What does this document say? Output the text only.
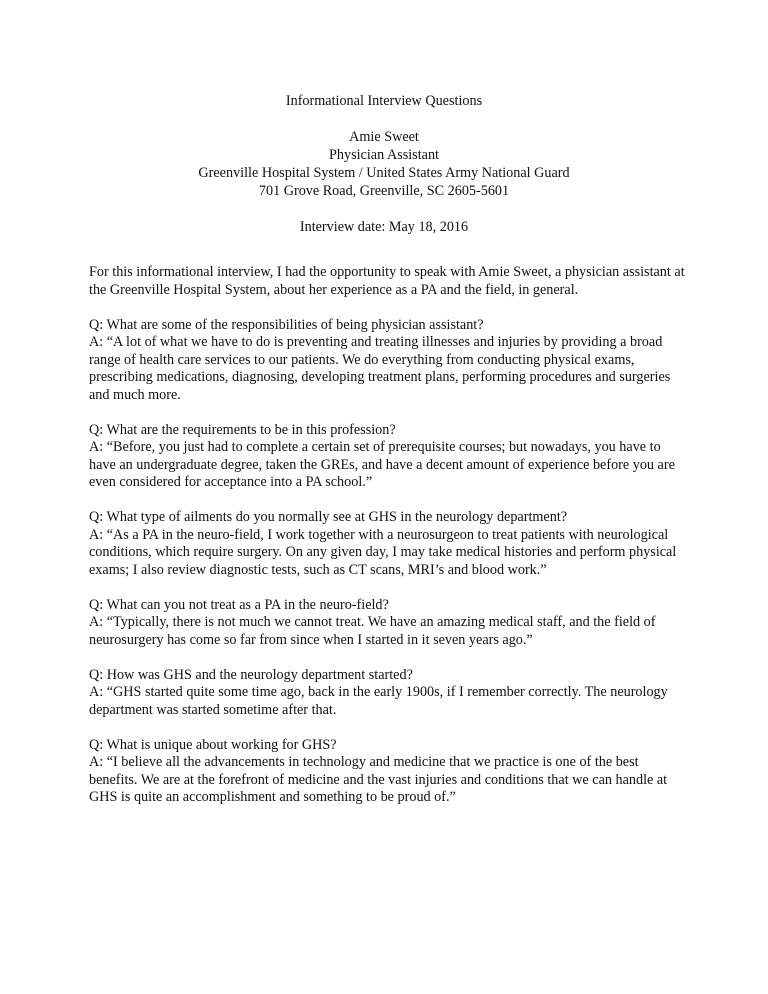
Informational Interview Questions
Amie Sweet
Physician Assistant
Greenville Hospital System / United States Army National Guard
701 Grove Road, Greenville, SC 2605-5601
Interview date: May 18, 2016

For this informational interview, I had the opportunity to speak with Amie Sweet, a physician assistant at the Greenville Hospital System, about her experience as a PA and the field, in general.

Q: What are some of the responsibilities of being physician assistant?
A: “A lot of what we have to do is preventing and treating illnesses and injuries by providing a broad range of health care services to our patients. We do everything from conducting physical exams, prescribing medications, diagnosing, developing treatment plans, performing procedures and surgeries and much more.
Q: What are the requirements to be in this profession?
A: “Before, you just had to complete a certain set of prerequisite courses; but nowadays, you have to have an undergraduate degree, taken the GREs, and have a decent amount of experience before you are even considered for acceptance into a PA school.”
Q: What type of ailments do you normally see at GHS in the neurology department?
A: “As a PA in the neuro-field, I work together with a neurosurgeon to treat patients with neurological conditions, which require surgery. On any given day, I may take medical histories and perform physical exams; I also review diagnostic tests, such as CT scans, MRI’s and blood work.”
Q: What can you not treat as a PA in the neuro-field?
A: “Typically, there is not much we cannot treat. We have an amazing medical staff, and the field of neurosurgery has come so far from since when I started in it seven years ago.”
Q: How was GHS and the neurology department started?
A: “GHS started quite some time ago, back in the early 1900s, if I remember correctly. The neurology department was started sometime after that.
Q: What is unique about working for GHS?
A: “I believe all the advancements in technology and medicine that we practice is one of the best benefits. We are at the forefront of medicine and the vast injuries and conditions that we can handle at GHS is quite an accomplishment and something to be proud of.”
